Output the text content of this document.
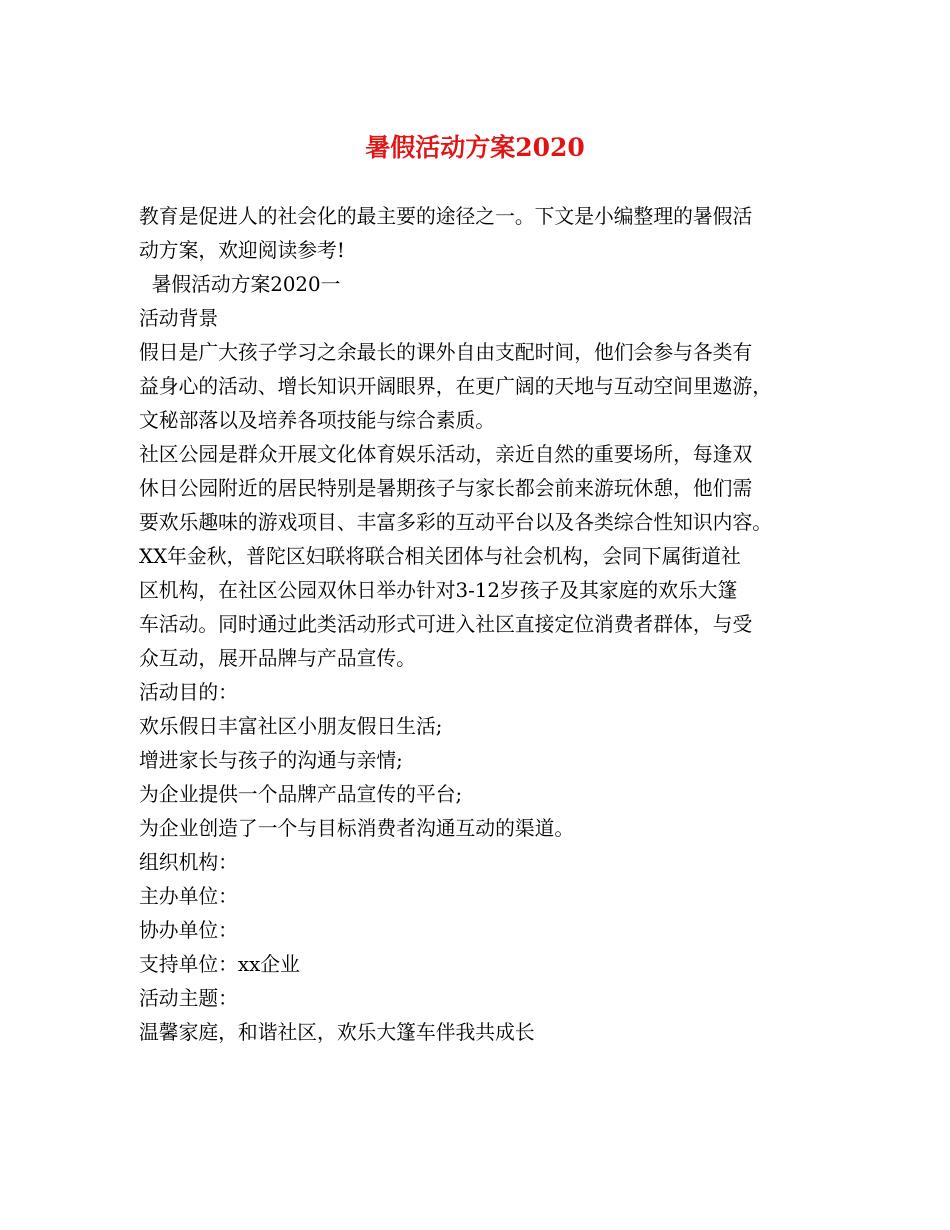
暑假活动方案2020
教育是促进人的社会化的最主要的途径之一。下文是小编整理的暑假活
动方案，欢迎阅读参考!
暑假活动方案2020一
活动背景
假日是广大孩子学习之余最长的课外自由支配时间，他们会参与各类有
益身心的活动、增长知识开阔眼界，在更广阔的天地与互动空间里遨游，
文秘部落以及培养各项技能与综合素质。
社区公园是群众开展文化体育娱乐活动，亲近自然的重要场所，每逢双
休日公园附近的居民特别是暑期孩子与家长都会前来游玩休憩，他们需
要欢乐趣味的游戏项目、丰富多彩的互动平台以及各类综合性知识内容。
XX年金秋，普陀区妇联将联合相关团体与社会机构，会同下属街道社
区机构，在社区公园双休日举办针对3-12岁孩子及其家庭的欢乐大篷
车活动。同时通过此类活动形式可进入社区直接定位消费者群体，与受
众互动，展开品牌与产品宣传。
活动目的：
欢乐假日丰富社区小朋友假日生活;
增进家长与孩子的沟通与亲情;
为企业提供一个品牌产品宣传的平台;
为企业创造了一个与目标消费者沟通互动的渠道。
组织机构：
主办单位：
协办单位：
支持单位：xx企业
活动主题：
温馨家庭，和谐社区，欢乐大篷车伴我共成长
